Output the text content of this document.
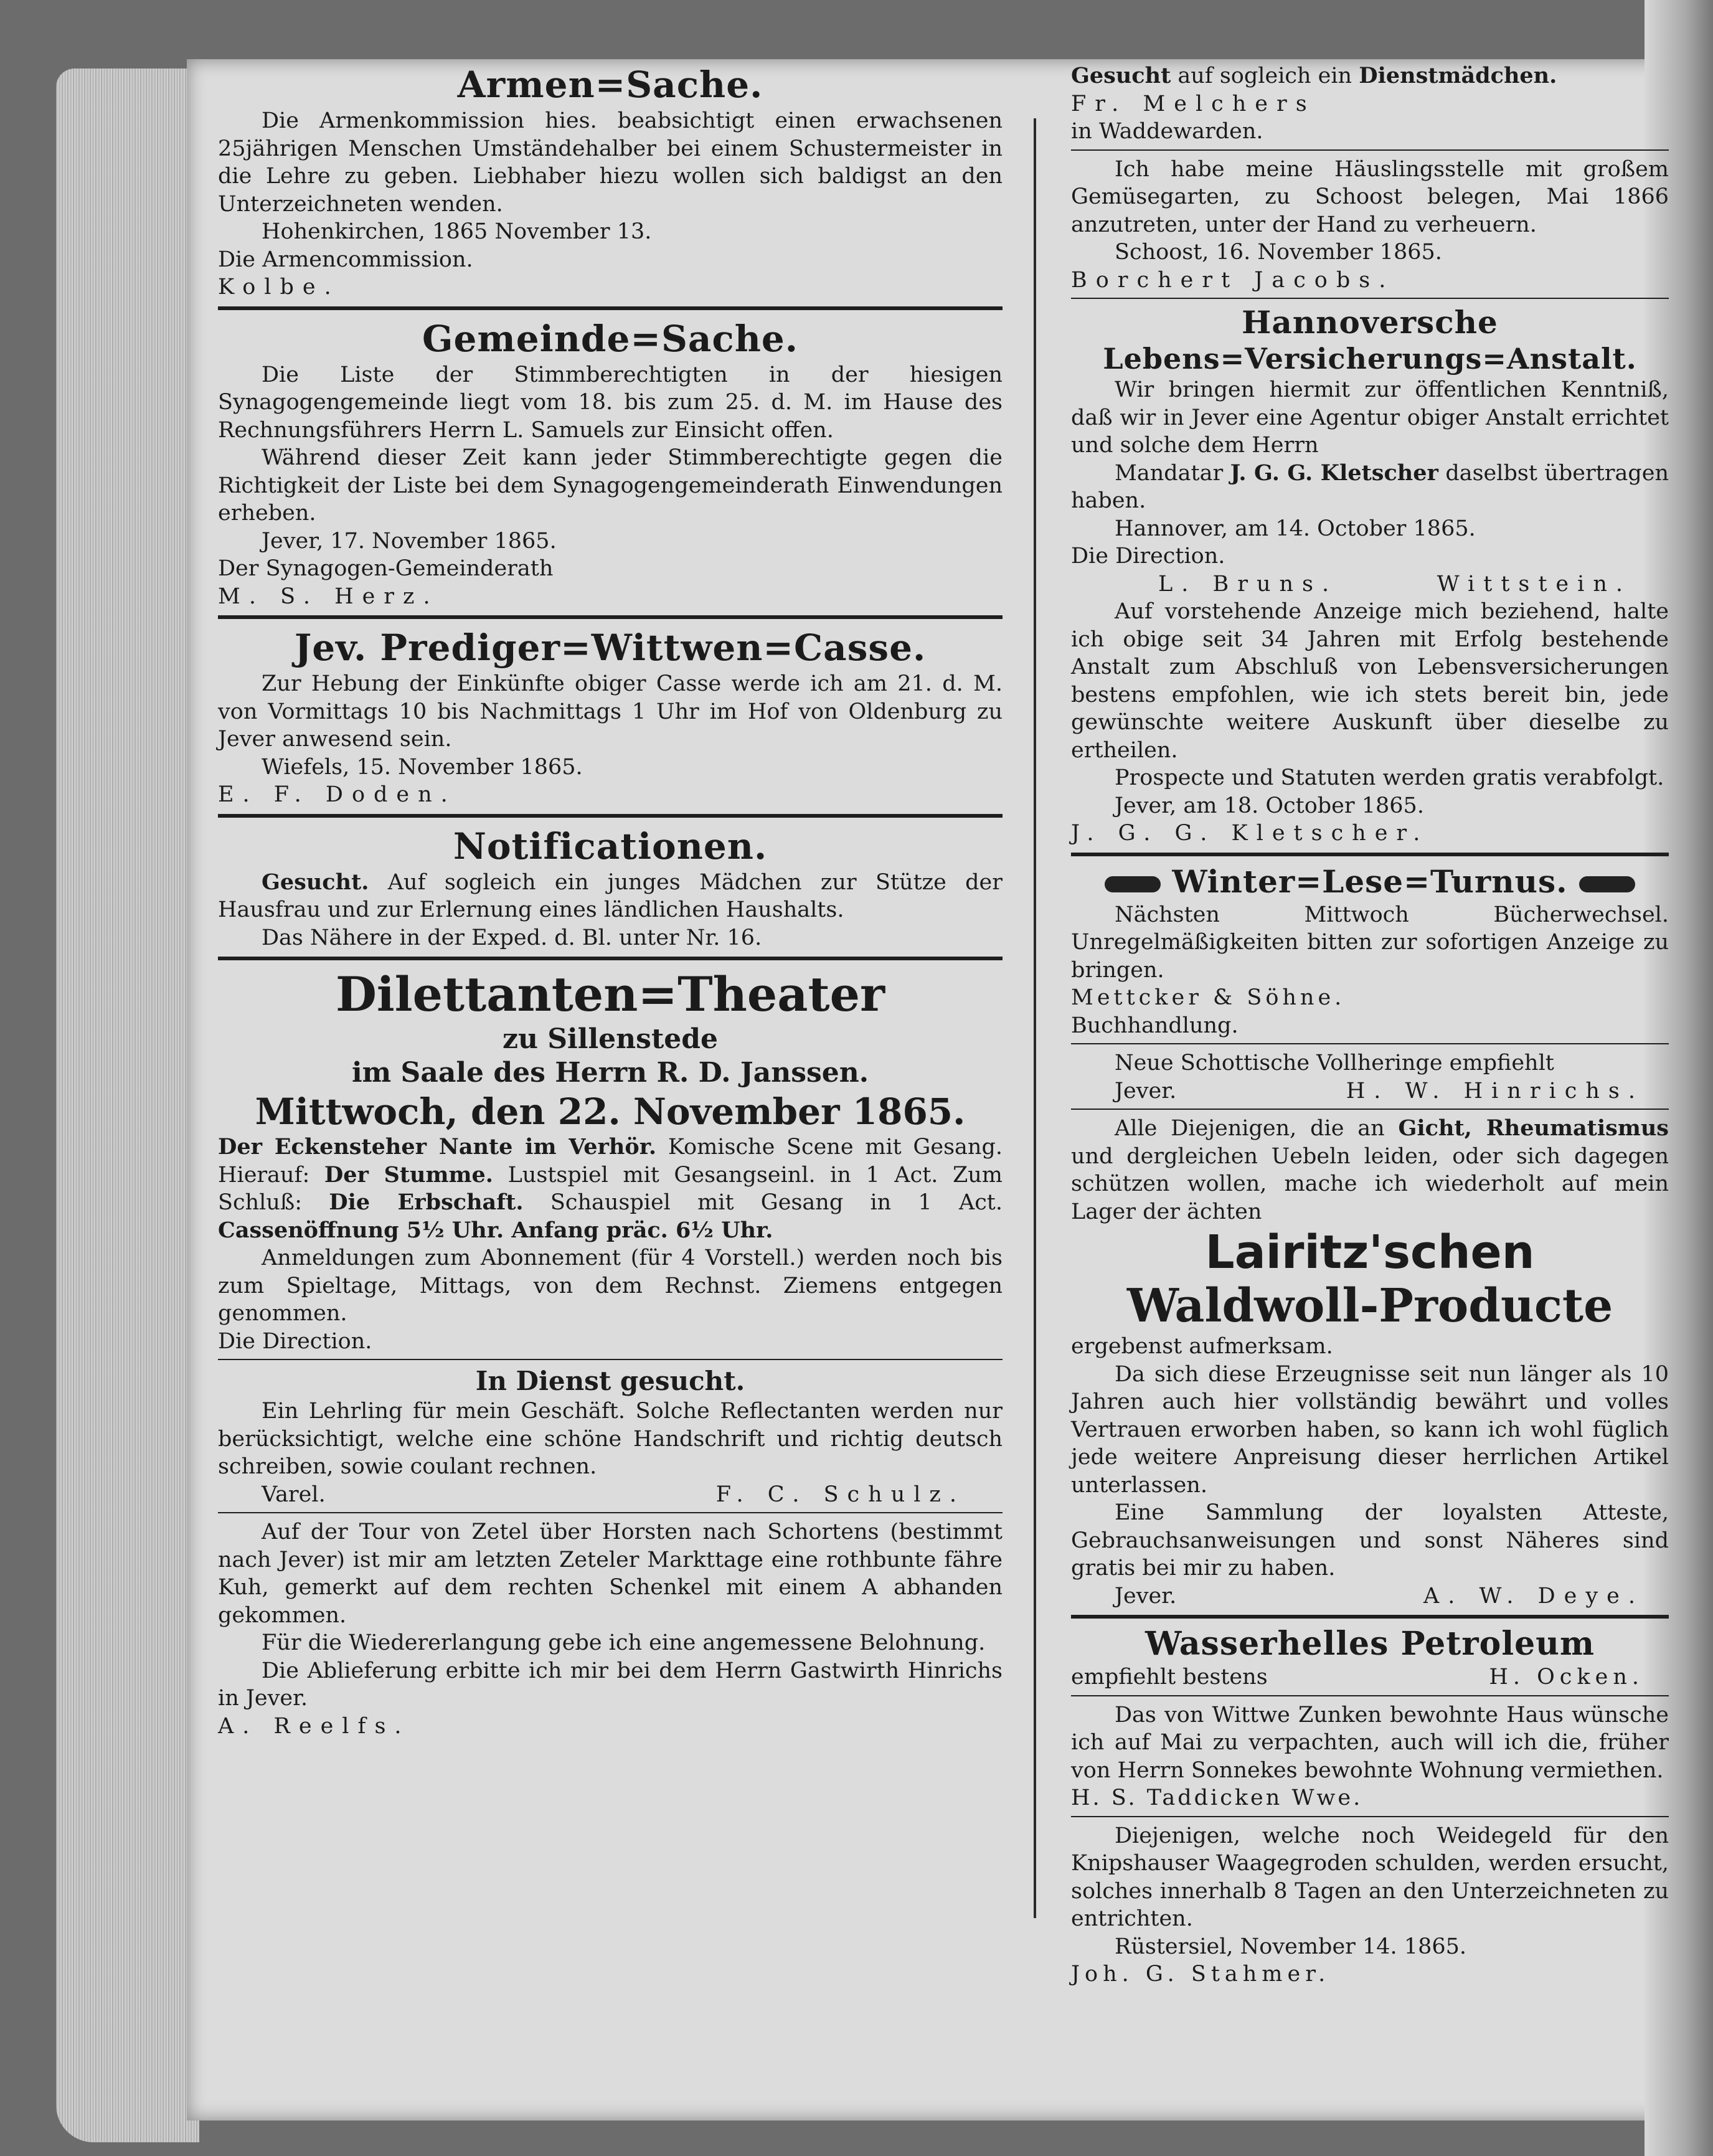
Armen=Sache.

Die Armenkommission hies. beabsichtigt einen erwachsenen 25jährigen Menschen Umständehalber bei einem Schustermeister in die Lehre zu geben. Liebhaber hiezu wollen sich baldigst an den Unterzeichneten wenden.

Hohenkirchen, 1865 November 13.

Die Armencommission.

Kolbe.

Gemeinde=Sache.

Die Liste der Stimmberechtigten in der hiesigen Synagogengemeinde liegt vom 18. bis zum 25. d. M. im Hause des Rechnungsführers Herrn L. Samuels zur Einsicht offen.

Während dieser Zeit kann jeder Stimmberechtigte gegen die Richtigkeit der Liste bei dem Synagogengemeinderath Einwendungen erheben.

Jever, 17. November 1865.

Der Synagogen-Gemeinderath

M. S. Herz.

Jev. Prediger=Wittwen=Casse.

Zur Hebung der Einkünfte obiger Casse werde ich am 21. d. M. von Vormittags 10 bis Nachmittags 1 Uhr im Hof von Oldenburg zu Jever anwesend sein.

Wiefels, 15. November 1865.

E. F. Doden.

Notificationen.

Gesucht. Auf sogleich ein junges Mädchen zur Stütze der Hausfrau und zur Erlernung eines ländlichen Haushalts.

Das Nähere in der Exped. d. Bl. unter Nr. 16.

Dilettanten=Theater
zu Sillenstede
im Saale des Herrn R. D. Janssen.
Mittwoch, den 22. November 1865.

Der Eckensteher Nante im Verhör. Komische Scene mit Gesang. Hierauf: Der Stumme. Lustspiel mit Gesangseinl. in 1 Act. Zum Schluß: Die Erbschaft. Schauspiel mit Gesang in 1 Act. Cassenöffnung 5½ Uhr. Anfang präc. 6½ Uhr.

Anmeldungen zum Abonnement (für 4 Vorstell.) werden noch bis zum Spieltage, Mittags, von dem Rechnst. Ziemens entgegen genommen.

Die Direction.

In Dienst gesucht.

Ein Lehrling für mein Geschäft. Solche Reflectanten werden nur berücksichtigt, welche eine schöne Handschrift und richtig deutsch schreiben, sowie coulant rechnen.

Varel.	F. C. Schulz.

Auf der Tour von Zetel über Horsten nach Schortens (bestimmt nach Jever) ist mir am letzten Zeteler Markttage eine rothbunte fähre Kuh, gemerkt auf dem rechten Schenkel mit einem A abhanden gekommen.

Für die Wiedererlangung gebe ich eine angemessene Belohnung.

Die Ablieferung erbitte ich mir bei dem Herrn Gastwirth Hinrichs in Jever.

A. Reelfs.

Gesucht auf sogleich ein Dienstmädchen.

Fr. Melchers

in Waddewarden.

Ich habe meine Häuslingsstelle mit großem Gemüsegarten, zu Schoost belegen, Mai 1866 anzutreten, unter der Hand zu verheuern.

Schoost, 16. November 1865.

Borchert Jacobs.

Hannoversche
Lebens=Versicherungs=Anstalt.

Wir bringen hiermit zur öffentlichen Kenntniß, daß wir in Jever eine Agentur obiger Anstalt errichtet und solche dem Herrn

Mandatar J. G. G. Kletscher daselbst übertragen haben.

Hannover, am 14. October 1865.

Die Direction.

L. Bruns.	Wittstein.

Auf vorstehende Anzeige mich beziehend, halte ich obige seit 34 Jahren mit Erfolg bestehende Anstalt zum Abschluß von Lebensversicherungen bestens empfohlen, wie ich stets bereit bin, jede gewünschte weitere Auskunft über dieselbe zu ertheilen.

Prospecte und Statuten werden gratis verabfolgt.

Jever, am 18. October 1865.

J. G. G. Kletscher.

Winter=Lese=Turnus.

Nächsten Mittwoch Bücherwechsel. Unregelmäßigkeiten bitten zur sofortigen Anzeige zu bringen.

Mettcker & Söhne.

Buchhandlung.

Neue Schottische Vollheringe empfiehlt

Jever.	H. W. Hinrichs.

Alle Diejenigen, die an Gicht, Rheumatismus und dergleichen Uebeln leiden, oder sich dagegen schützen wollen, mache ich wiederholt auf mein Lager der ächten

Lairitz'schen
Waldwoll-Producte

ergebenst aufmerksam.

Da sich diese Erzeugnisse seit nun länger als 10 Jahren auch hier vollständig bewährt und volles Vertrauen erworben haben, so kann ich wohl füglich jede weitere Anpreisung dieser herrlichen Artikel unterlassen.

Eine Sammlung der loyalsten Atteste, Gebrauchsanweisungen und sonst Näheres sind gratis bei mir zu haben.

Jever.	A. W. Deye.
Wasserhelles Petroleum
empfiehlt bestens	H. Ocken.

Das von Wittwe Zunken bewohnte Haus wünsche ich auf Mai zu verpachten, auch will ich die, früher von Herrn Sonnekes bewohnte Wohnung vermiethen.

H. S. Taddicken Wwe.

Diejenigen, welche noch Weidegeld für den Knipshauser Waagegroden schulden, werden ersucht, solches innerhalb 8 Tagen an den Unterzeichneten zu entrichten.

Rüstersiel, November 14. 1865.

Joh. G. Stahmer.
